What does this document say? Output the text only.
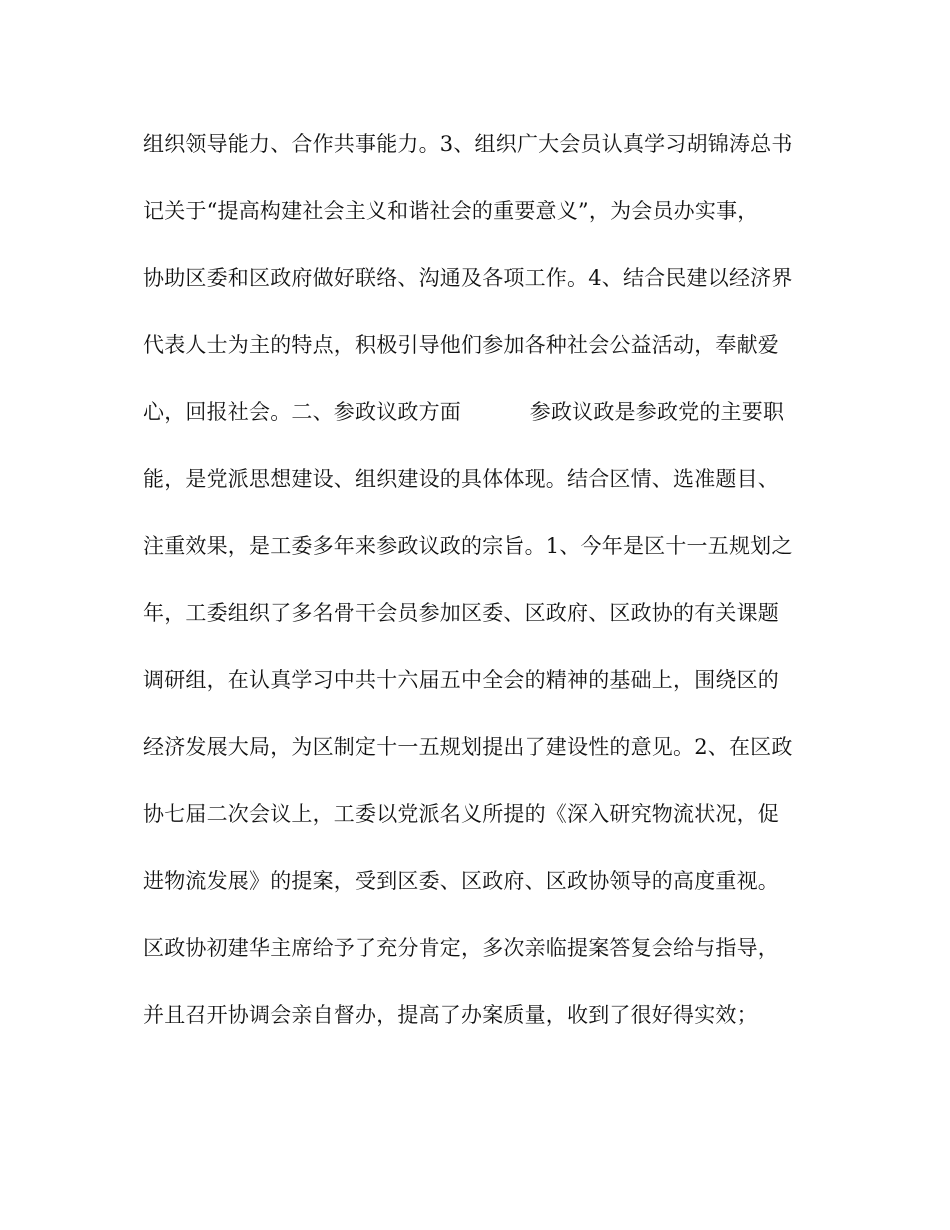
组织领导能力、合作共事能力。3、组织广大会员认真学习胡锦涛总书
记关于“提高构建社会主义和谐社会的重要意义”，为会员办实事，
协助区委和区政府做好联络、沟通及各项工作。4、结合民建以经济界
代表人士为主的特点，积极引导他们参加各种社会公益活动，奉献爱
心，回报社会。二、参政议政方面          参政议政是参政党的主要职
能，是党派思想建设、组织建设的具体体现。结合区情、选准题目、
注重效果，是工委多年来参政议政的宗旨。1、今年是区十一五规划之
年，工委组织了多名骨干会员参加区委、区政府、区政协的有关课题
调研组，在认真学习中共十六届五中全会的精神的基础上，围绕区的
经济发展大局，为区制定十一五规划提出了建设性的意见。2、在区政
协七届二次会议上，工委以党派名义所提的《深入研究物流状况，促
进物流发展》的提案，受到区委、区政府、区政协领导的高度重视。
区政协初建华主席给予了充分肯定，多次亲临提案答复会给与指导，
并且召开协调会亲自督办，提高了办案质量，收到了很好得实效；
